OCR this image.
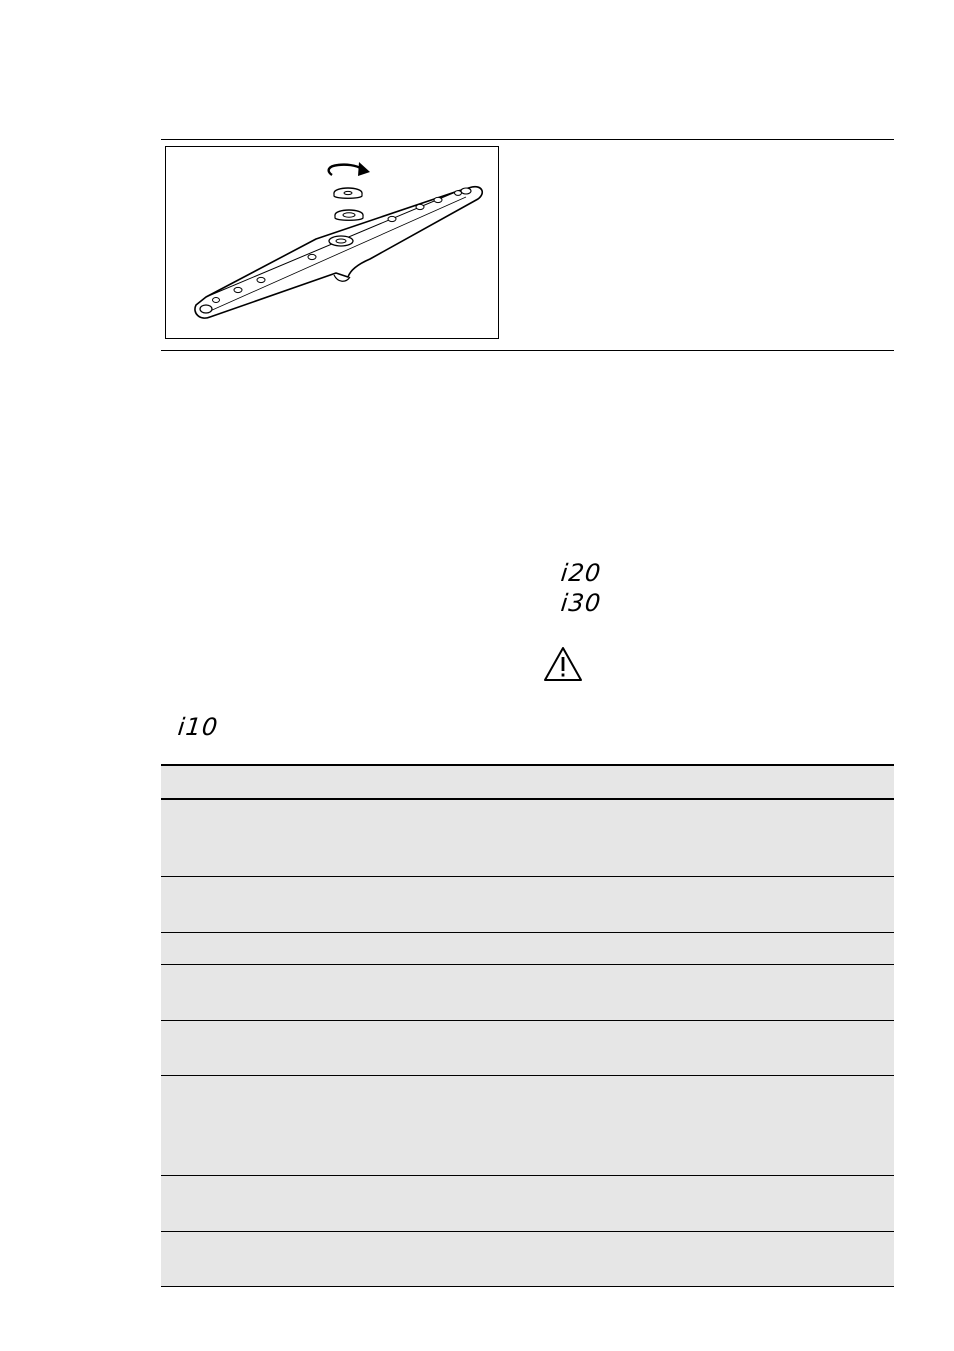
i20
i30
i10
